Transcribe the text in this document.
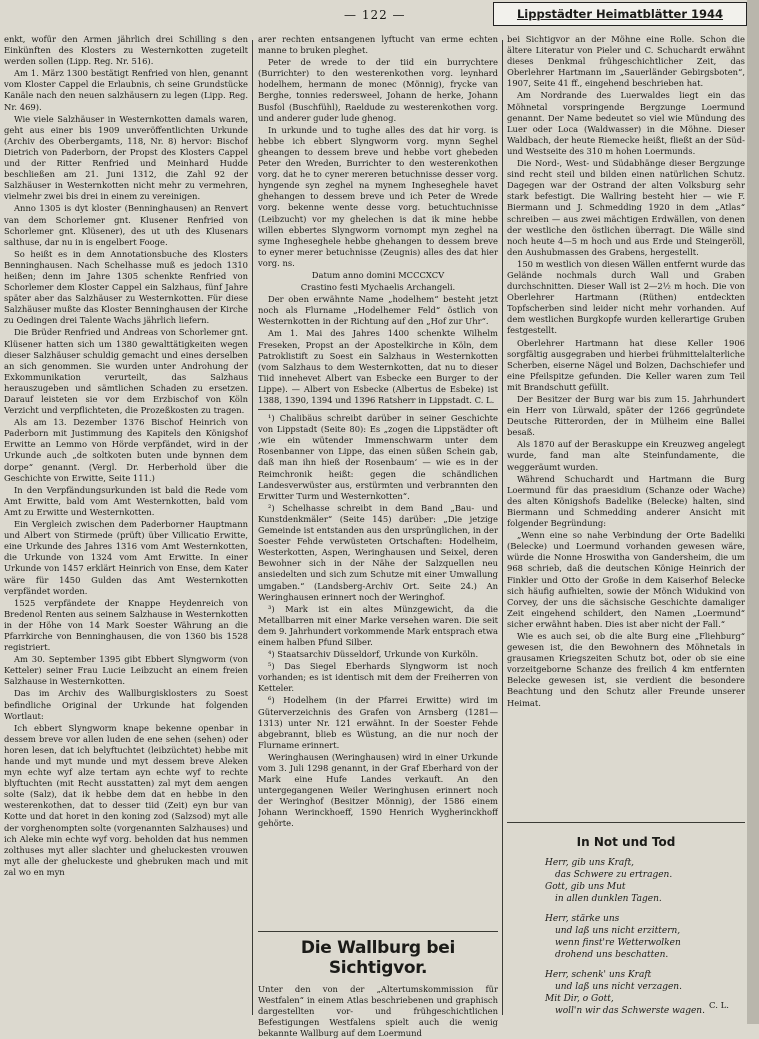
— 122 —	Lippstädter Heimatblätter 1944

enkt, wofür den Armen jährlich drei Schilling s den Einkünften des Klosters zu Westernkotten zugeteilt werden sollen (Lipp. Reg. Nr. 516).

Am 1. März 1300 bestätigt Renfried von hlen, genannt vom Kloster Cappel die Erlaubnis, ch seine Grundstücke Kanäle nach den neuen salzhäusern zu legen (Lipp. Reg. Nr. 469).

Wie viele Salzhäuser in Westernkotten damals waren, geht aus einer bis 1909 unveröffentlichten Urkunde (Archiv des Oberbergamts, 118, Nr. 8) hervor: Bischof Dietrich von Paderborn, der Propst des Klosters Cappel und der Ritter Renfried und Meinhard Hudde beschließen am 21. Juni 1312, die Zahl 92 der Salzhäuser in Westernkotten nicht mehr zu vermehren, vielmehr zwei bis drei in einem zu vereinigen.

Anno 1305 is dyt kloster (Benninghausen) an Renvert van dem Schorlemer gnt. Klusener Renfried von Schorlemer gnt. Klüsener), des ut uth des Klusenars salthuse, dar nu in is engelbert Fooge.

So heißt es in dem Annotationsbuche des Klosters Benninghausen. Nach Schelhasse muß es jedoch 1310 heißen; denn im Jahre 1305 schenkte Renfried von Schorlemer dem Kloster Cappel ein Salzhaus, fünf Jahre später aber das Salzhäuser zu Westernkotten. Für diese Salzhäuser mußte das Kloster Benninghausen der Kirche zu Oedingen drei Talente Wachs jährlich liefern.

Die Brüder Renfried und Andreas von Schorlemer gnt. Klüsener hatten sich um 1380 gewalttätigkeiten wegen dieser Salzhäuser schuldig gemacht und eines derselben an sich genommen. Sie wurden unter Androhung der Exkommunikation verurteilt, das Salzhaus herauszugeben und sämtlichen Schaden zu ersetzen. Darauf leisteten sie vor dem Erzbischof von Köln Verzicht und verpflichteten, die Prozeßkosten zu tragen.

Als am 13. Dezember 1376 Bischof Heinrich von Paderborn mit Justimmung des Kapitels den Königshof Erwitte an Lemmo von Hörde verpfändet, wird in der Urkunde auch „de soltkoten buten unde bynnen dem dorpe“ genannt. (Vergl. Dr. Herberhold über die Geschichte von Erwitte, Seite 111.)

In den Verpfändungsurkunden ist bald die Rede vom Amt Erwitte, bald vom Amt Westernkotten, bald vom Amt zu Erwitte und Westernkotten.

Ein Vergleich zwischen dem Paderborner Hauptmann und Albert von Stirmede (prüft) über Villicatio Erwitte, eine Urkunde des Jahres 1316 vom Amt Westernkotten, die Urkunde von 1324 vom Amt Erwitte. In einer Urkunde von 1457 erklärt Heinrich von Ense, dem Kater wäre für 1450 Gulden das Amt Westernkotten verpfändet worden.

1525 verpfändete der Knappe Heydenreich von Bredenol Renten aus seinem Salzhause in Westernkotten in der Höhe von 14 Mark Soester Währung an die Pfarrkirche von Benninghausen, die von 1360 bis 1528 registriert.

Am 30. September 1395 gibt Ebbert Slyngworm (von Ketteler) seiner Frau Lucie Leibzucht an einem freien Salzhause in Westernkotten.

Das im Archiv des Wallburgisklosters zu Soest befindliche Original der Urkunde hat folgenden Wortlaut:

Ich ebbert Slyngworm knape bekenne openbar in dessem breve vor allen luden de ene sehen (sehen) oder horen lesen, dat ich belyftuchtet (leibzüchtet) hebbe mit hande und myt munde und myt dessem breve Aleken myn echte wyf alze tertam ayn echte wyf to rechte blyftuchten (mit Recht ausstatten) zal myt dem aengen solte (Salz), dat ik hebbe dem dat en hebbe in den westerenkothen, dat to desser tiid (Zeit) eyn bur van Kotte und dat horet in den koning zod (Salzsod) myt alle der vorghenompten solte (vorgenannten Salzhauses) und ich Aleke min echte wyf vorg. beholden dat hus nemmen zolthuses myt aller slachter und gheluckesten vrouwen myt alle der gheluckeste und ghebruken mach und mit zal wo en myn

arer rechten entsangenen lyftucht van erme echten manne to bruken pleghet.

Peter de wrede to der tiid ein burrychtere (Burrichter) to den westerenkothen vorg. leynhard hodelhem, hermann de monec (Mönnig), frycke van Berghe, tonnies redersweel, Johann de herke, Johann Busfol (Buschfühl), Raeldude zu westerenkothen vorg. und anderer guder lude ghenog.

In urkunde und to tughe alles des dat hir vorg. is hebbe ich ebbert Slyngworm vorg. mynn Seghel gheangen to dessem breve und hebbe vort ghebeden Peter den Wreden, Burrichter to den westerenkothen vorg. dat he to cyner mereren betuchnisse desser vorg. hyngende syn zeghel na mynem Ingheseghele havet ghehangen to dessem breve und ich Peter de Wrede vorg. bekenne wente desse vorg. betuchtuchnisse (Leibzucht) vor my ghelechen is dat ik mine hebbe willen ebbertes Slyngworm vornompt myn zeghel na syme Ingheseghele hebbe ghehangen to dessem breve to eyner merer betuchnisse (Zeugnis) alles des dat hier vorg. ns.

Datum anno domini MCCCXCV

Crastino festi Mychaelis Archangeli.

Der oben erwähnte Name „hodelhem“ besteht jetzt noch als Flurname „Hodelhemer Feld“ östlich von Westernkotten in der Richtung auf den „Hof zur Uhr“.

Am 1. Mai des Jahres 1400 schenkte Wilhelm Freseken, Propst an der Apostelkirche in Köln, dem Patroklistift zu Soest ein Salzhaus in Westernkotten (vom Salzhaus to dem Westernkotten, dat nu to dieser Tiid innehevet Albert van Esbecke een Burger to der Lippe). — Albert von Esbecke (Albertus de Esbeke) ist 1388, 1390, 1394 und 1396 Ratsherr in Lippstadt. C. L.

¹) Chalibäus schreibt darüber in seiner Geschichte von Lippstadt (Seite 80): Es „zogen die Lippstädter oft ‚wie ein wütender Immenschwarm unter dem Rosenbanner von Lippe, das einen süßen Schein gab, daß man ihn hieß der Rosenbaum‘ — wie es in der Reimchronik heißt: gegen die schändlichen Landesverwüster aus, erstürmten und verbrannten den Erwitter Turm und Westernkotten“.

²) Schelhasse schreibt in dem Band „Bau- und Kunstdenkmäler“ (Seite 145) darüber: „Die jetzige Gemeinde ist entstanden aus den ursprünglichen, in der Soester Fehde verwüsteten Ortschaften: Hodelheim, Westerkotten, Aspen, Weringhausen und Seixel, deren Bewohner sich in der Nähe der Salzquellen neu ansiedelten und sich zum Schutze mit einer Umwallung umgaben.“ (Landsberg-Archiv Ort. Seite 24.) An Weringhausen erinnert noch der Weringhof.

³) Mark ist ein altes Münzgewicht, da die Metallbarren mit einer Marke versehen waren. Die seit dem 9. Jahrhundert vorkommende Mark entsprach etwa einem halben Pfund Silber.

⁴) Staatsarchiv Düsseldorf, Urkunde von Kurköln.

⁵) Das Siegel Eberhards Slyngworm ist noch vorhanden; es ist identisch mit dem der Freiherren von Ketteler.

⁶) Hodelhem (in der Pfarrei Erwitte) wird im Güterverzeichnis des Grafen von Arnsberg (1281—1313) unter Nr. 121 erwähnt. In der Soester Fehde abgebrannt, blieb es Wüstung, an die nur noch der Flurname erinnert.

Weringhausen (Weringhausen) wird in einer Urkunde vom 3. Juli 1298 genannt, in der Graf Eberhard von der Mark eine Hufe Landes verkauft. An den untergegangenen Weiler Weringhusen erinnert noch der Weringhof (Besitzer Mönnig), der 1586 einem Johann Werinckhoeff, 1590 Henrich Wygherinckhoff gehörte.

Die Wallburg bei Sichtigvor.
Unter den von der „Altertumskommission für Westfalen“ in einem Atlas beschriebenen und graphisch dargestellten vor- und frühgeschichtlichen Befestigungen Westfalens spielt auch die wenig bekannte Wallburg auf dem Loermund

bei Sichtigvor an der Möhne eine Rolle. Schon die ältere Literatur von Pieler und C. Schuchardt erwähnt dieses Denkmal frühgeschichtlicher Zeit, das Oberlehrer Hartmann im „Sauerländer Gebirgsboten“, 1907, Seite 41 ff., eingehend beschrieben hat.

Am Nordrande des Luerwaldes liegt ein das Möhnetal vorspringende Bergzunge Loermund genannt. Der Name bedeutet so viel wie Mündung des Luer oder Loca (Waldwasser) in die Möhne. Dieser Waldbach, der heute Riemecke heißt, fließt an der Süd- und Westseite des 310 m hohen Loermunds.

Die Nord-, West- und Südabhänge dieser Bergzunge sind recht steil und bilden einen natürlichen Schutz. Dagegen war der Ostrand der alten Volksburg sehr stark befestigt. Die Wallring besteht hier — wie F. Biermann und J. Schmedding 1920 in dem „Atlas“ schreiben — aus zwei mächtigen Erdwällen, von denen der westliche den östlichen überragt. Die Wälle sind noch heute 4—5 m hoch und aus Erde und Steingeröll, den Aushubmassen des Grabens, hergestellt.

150 m westlich von diesen Wällen entfernt wurde das Gelände nochmals durch Wall und Graben durchschnitten. Dieser Wall ist 2—2½ m hoch. Die von Oberlehrer Hartmann (Rüthen) entdeckten Topfscherben sind leider nicht mehr vorhanden. Auf dem westlichen Burgkopfe wurden kellerartige Gruben festgestellt.

Oberlehrer Hartmann hat diese Keller 1906 sorgfältig ausgegraben und hierbei frühmittelalterliche Scherben, eiserne Nägel und Bolzen, Dachschiefer und eine Pfeilspitze gefunden. Die Keller waren zum Teil mit Brandschutt gefüllt.

Der Besitzer der Burg war bis zum 15. Jahrhundert ein Herr von Lürwald, später der 1266 gegründete Deutsche Ritterorden, der in Mülheim eine Ballei besaß.

Als 1870 auf der Beraskuppe ein Kreuzweg angelegt wurde, fand man alte Steinfundamente, die weggeräumt wurden.

Während Schuchardt und Hartmann die Burg Loermund für das praesidium (Schanze oder Wache) des alten Königshofs Badelike (Belecke) halten, sind Biermann und Schmedding anderer Ansicht mit folgender Begründung:

„Wenn eine so nahe Verbindung der Orte Badeliki (Belecke) und Loermund vorhanden gewesen wäre, würde die Nonne Hroswitha von Gandersheim, die um 968 schrieb, daß die deutschen Könige Heinrich der Finkler und Otto der Große in dem Kaiserhof Belecke sich häufig aufhielten, sowie der Mönch Widukind von Corvey, der uns die sächsische Geschichte damaliger Zeit eingehend schildert, den Namen „Loermund“ sicher erwähnt haben. Dies ist aber nicht der Fall.“

Wie es auch sei, ob die alte Burg eine „Fliehburg“ gewesen ist, die den Bewohnern des Möhnetals in grausamen Kriegszeiten Schutz bot, oder ob sie eine vorzeitgeborne Schanze des freilich 4 km entfernten Belecke gewesen ist, sie verdient die besondere Beachtung und den Schutz aller Freunde unserer Heimat.

In Not und Tod
Herr, gib uns Kraft,
das Schwere zu ertragen.
Gott, gib uns Mut
in allen dunklen Tagen.
Herr, stärke uns
und laß uns nicht erzittern,
wenn finst're Wetterwolken
drohend uns beschatten.
Herr, schenk' uns Kraft
und laß uns nicht verzagen.
Mit Dir, o Gott,
woll'n wir das Schwerste wagen. C. L.
